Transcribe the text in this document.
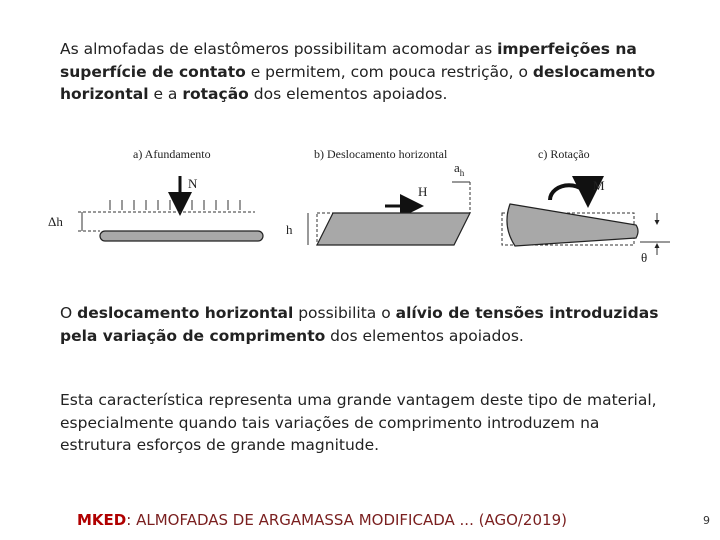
As almofadas de elastômeros possibilitam acomodar as imperfeições na superfície de contato e permitem, com pouca restrição, o deslocamento horizontal e a rotação dos elementos apoiados.
a) Afundamento
N
Δh
b) Deslocamento horizontal
$a_h$
H
h
c) Rotação
M
θ
O deslocamento horizontal possibilita o alívio de tensões introduzidas pela variação de comprimento dos elementos apoiados.
Esta característica representa uma grande vantagem deste tipo de material, especialmente quando tais variações de comprimento introduzem na estrutura esforços de grande magnitude.
MKED: ALMOFADAS DE ARGAMASSA MODIFICADA ... (AGO/2019)	9
